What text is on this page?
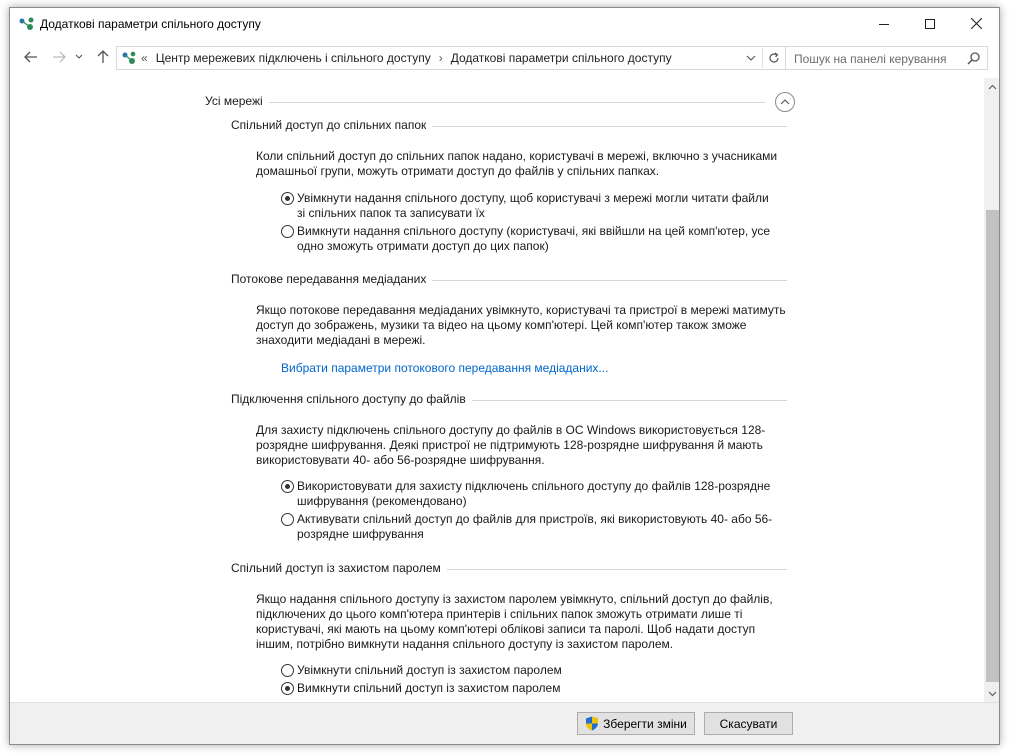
Додаткові параметри спільного доступу
« Центр мережевих підключень і спільного доступу › Додаткові параметри спільного доступу	Пошук на панелі керування
Усі мережі
Спільний доступ до спільних папок
Коли спільний доступ до спільних папок надано, користувачі в мережі, включно з учасниками домашньої групи, можуть отримати доступ до файлів у спільних папках.
Увімкнути надання спільного доступу, щоб користувачі з мережі могли читати файли зі спільних папок та записувати їх
Вимкнути надання спільного доступу (користувачі, які ввійшли на цей комп'ютер, усе одно зможуть отримати доступ до цих папок)
Потокове передавання медіаданих
Якщо потокове передавання медіаданих увімкнуто, користувачі та пристрої в мережі матимуть доступ до зображень, музики та відео на цьому комп'ютері. Цей комп'ютер також зможе знаходити медіадані в мережі.
Вибрати параметри потокового передавання медіаданих...
Підключення спільного доступу до файлів
Для захисту підключень спільного доступу до файлів в ОС Windows використовується 128-розрядне шифрування. Деякі пристрої не підтримують 128-розрядне шифрування й мають використовувати 40- або 56-розрядне шифрування.
Використовувати для захисту підключень спільного доступу до файлів 128-розрядне шифрування (рекомендовано)
Активувати спільний доступ до файлів для пристроїв, які використовують 40- або 56-розрядне шифрування
Спільний доступ із захистом паролем
Якщо надання спільного доступу із захистом паролем увімкнуто, спільний доступ до файлів, підключених до цього комп'ютера принтерів і спільних папок зможуть отримати лише ті користувачі, які мають на цьому комп'ютері облікові записи та паролі. Щоб надати доступ іншим, потрібно вимкнути надання спільного доступу із захистом паролем.
Увімкнути спільний доступ із захистом паролем
Вимкнути спільний доступ із захистом паролем
Зберегти зміни	Скасувати
